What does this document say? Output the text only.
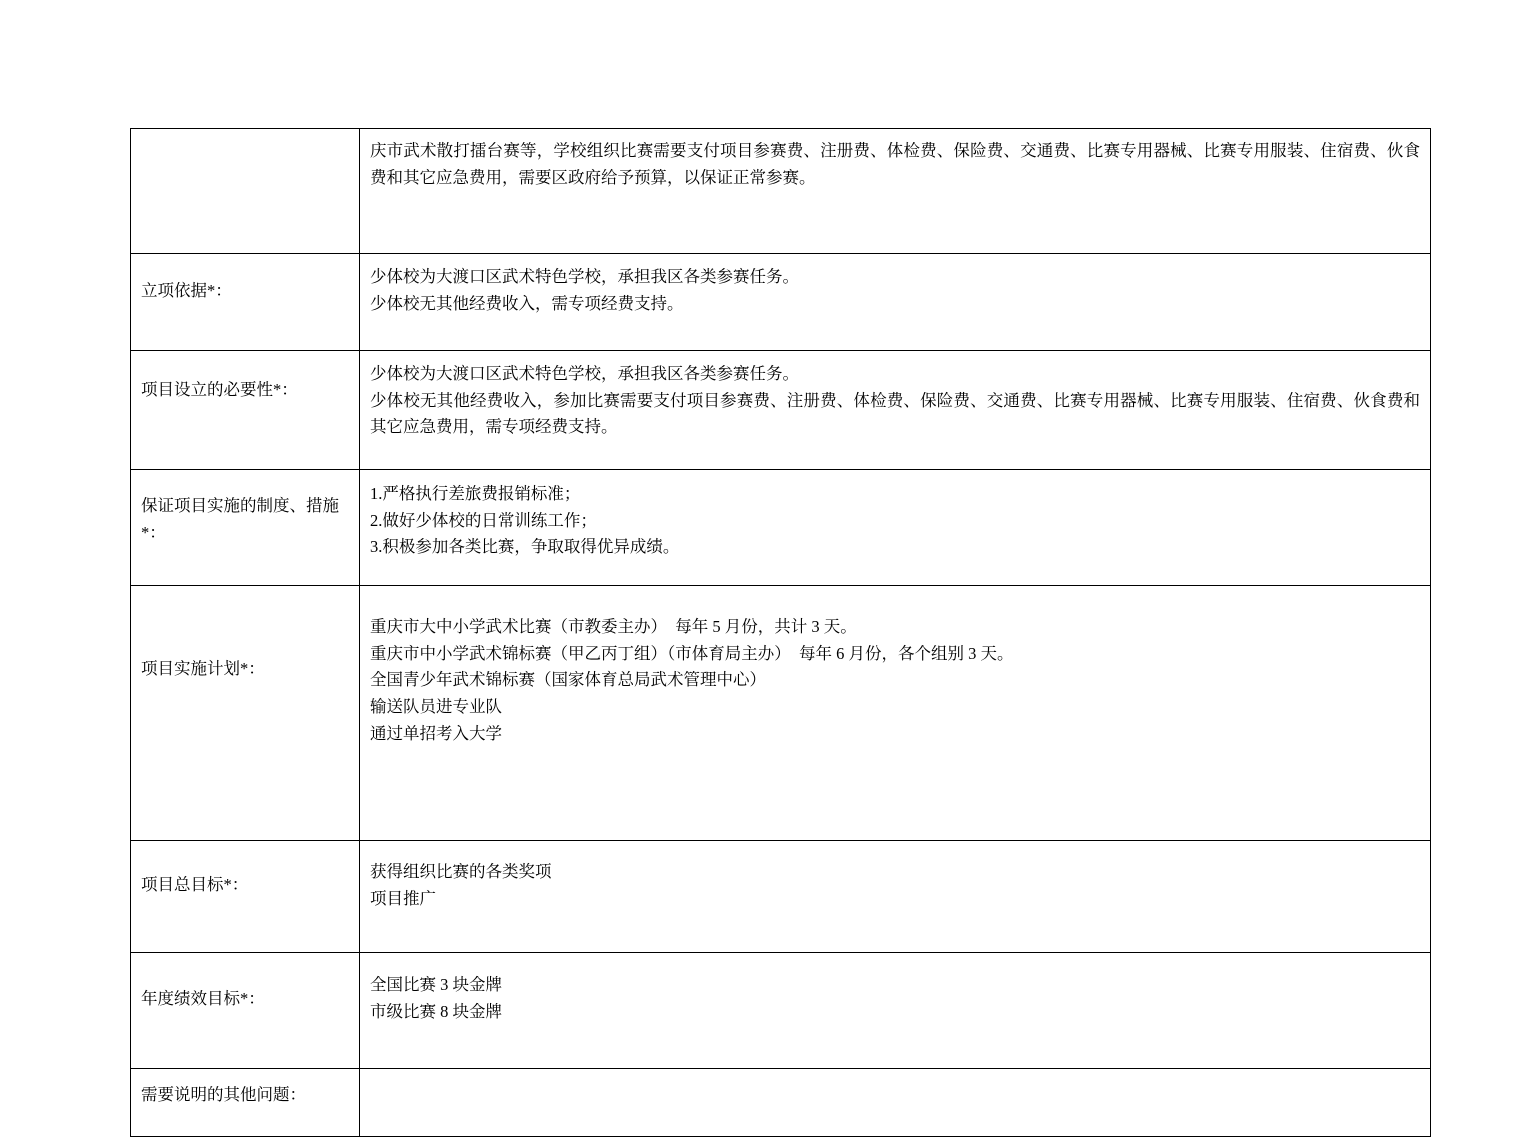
	庆市武术散打擂台赛等，学校组织比赛需要支付项目参赛费、注册费、体检费、保险费、交通费、比赛专用器械、比赛专用服装、住宿费、伙食费和其它应急费用，需要区政府给予预算，以保证正常参赛。

立项依据*：	少体校为大渡口区武术特色学校，承担我区各类参赛任务。
少体校无其他经费收入，需专项经费支持。

项目设立的必要性*：	少体校为大渡口区武术特色学校，承担我区各类参赛任务。
少体校无其他经费收入，参加比赛需要支付项目参赛费、注册费、体检费、保险费、交通费、比赛专用器械、比赛专用服装、住宿费、伙食费和其它应急费用，需专项经费支持。

保证项目实施的制度、措施*：	1.严格执行差旅费报销标准；
2.做好少体校的日常训练工作；
3.积极参加各类比赛，争取取得优异成绩。

项目实施计划*：	重庆市大中小学武术比赛（市教委主办）  每年 5 月份，共计 3 天。
重庆市中小学武术锦标赛（甲乙丙丁组）（市体育局主办）  每年 6 月份，各个组别 3 天。
全国青少年武术锦标赛（国家体育总局武术管理中心）
输送队员进专业队
通过单招考入大学

项目总目标*：	获得组织比赛的各类奖项
项目推广

年度绩效目标*：	全国比赛 3 块金牌
市级比赛 8 块金牌

需要说明的其他问题：	
